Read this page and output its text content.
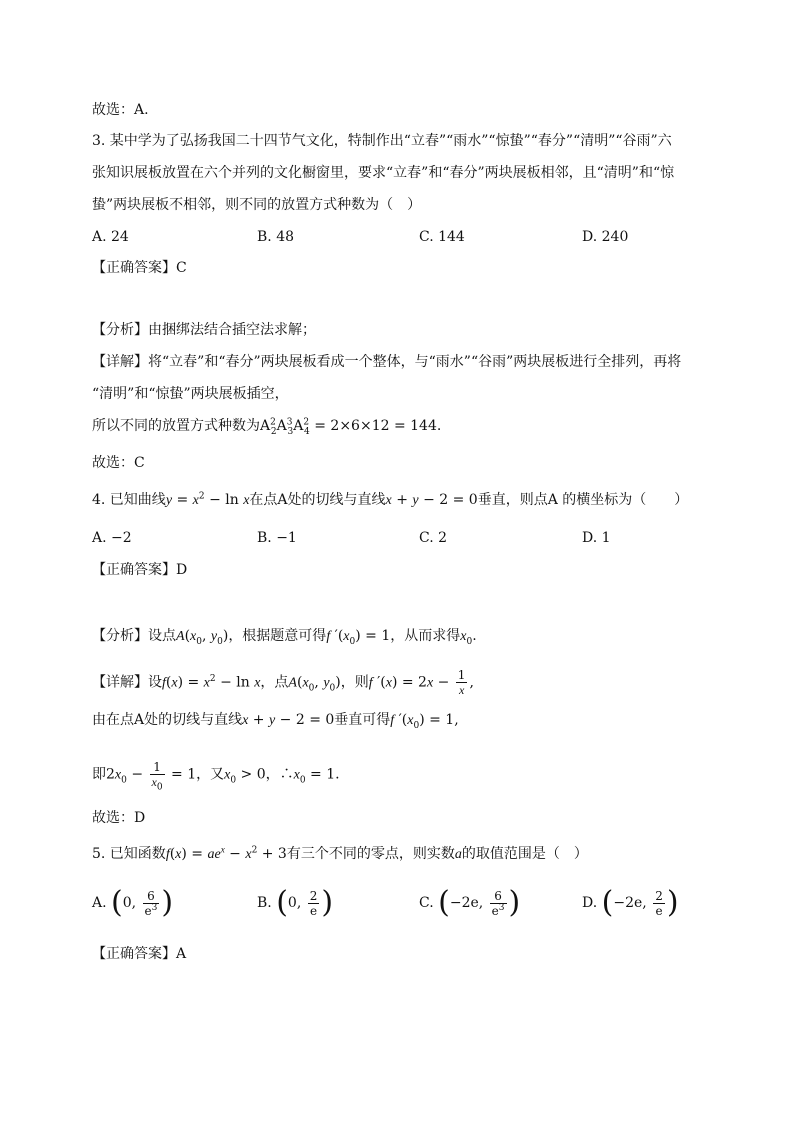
故选：A.
3. 某中学为了弘扬我国二十四节气文化，特制作出“立春”“雨水”“惊蛰”“春分”“清明”“谷雨”六
张知识展板放置在六个并列的文化橱窗里，要求“立春”和“春分”两块展板相邻，且“清明”和“惊
蛰”两块展板不相邻，则不同的放置方式种数为（　）
A. 24	B. 48	C. 144	D. 240
【正确答案】C
【分析】由捆绑法结合插空法求解；
【详解】将“立春”和“春分”两块展板看成一个整体，与“雨水”“谷雨”两块展板进行全排列，再将
“清明”和“惊蛰”两块展板插空，
所以不同的放置方式种数为$A^2_2A^3_3A^2_4 = 2\times 6\times 12 = 144$.
故选：C
4. 已知曲线$y = x^2 - \ln x$在点A处的切线与直线x + y − 2 = 0垂直，则点A 的横坐标为（　　）
A. −2	B. −1	C. 2	D. 1
【正确答案】D
【分析】设点$A(x_0$, $y_0$)，根据题意可得f $'(x_0) = 1$，从而求得$x_0$.
【详解】设$f(x) = x^2 - \ln x$，点$A(x_0$, $y_0$)，则f $'(x) = 2x - \frac{1}{x}$ ,
由在点A处的切线与直线x + y − 2 = 0垂直可得f $'(x_0) = 1$,
即$2x_0 - \frac{1}{x_0} = 1$，又$x_0 > 0$，$\therefore x_0 = 1$.
故选：D
5. 已知函数$f(x) = ae^x - x^2 + 3$有三个不同的零点，则实数a的取值范围是（　）
A. (0, $\frac{6}{e^3}$ )	B. (0, $\frac{2}{e}$ )	C. (−2e, $\frac{6}{e^3}$ )	D. (−2e, $\frac{2}{e}$ )
【正确答案】A
